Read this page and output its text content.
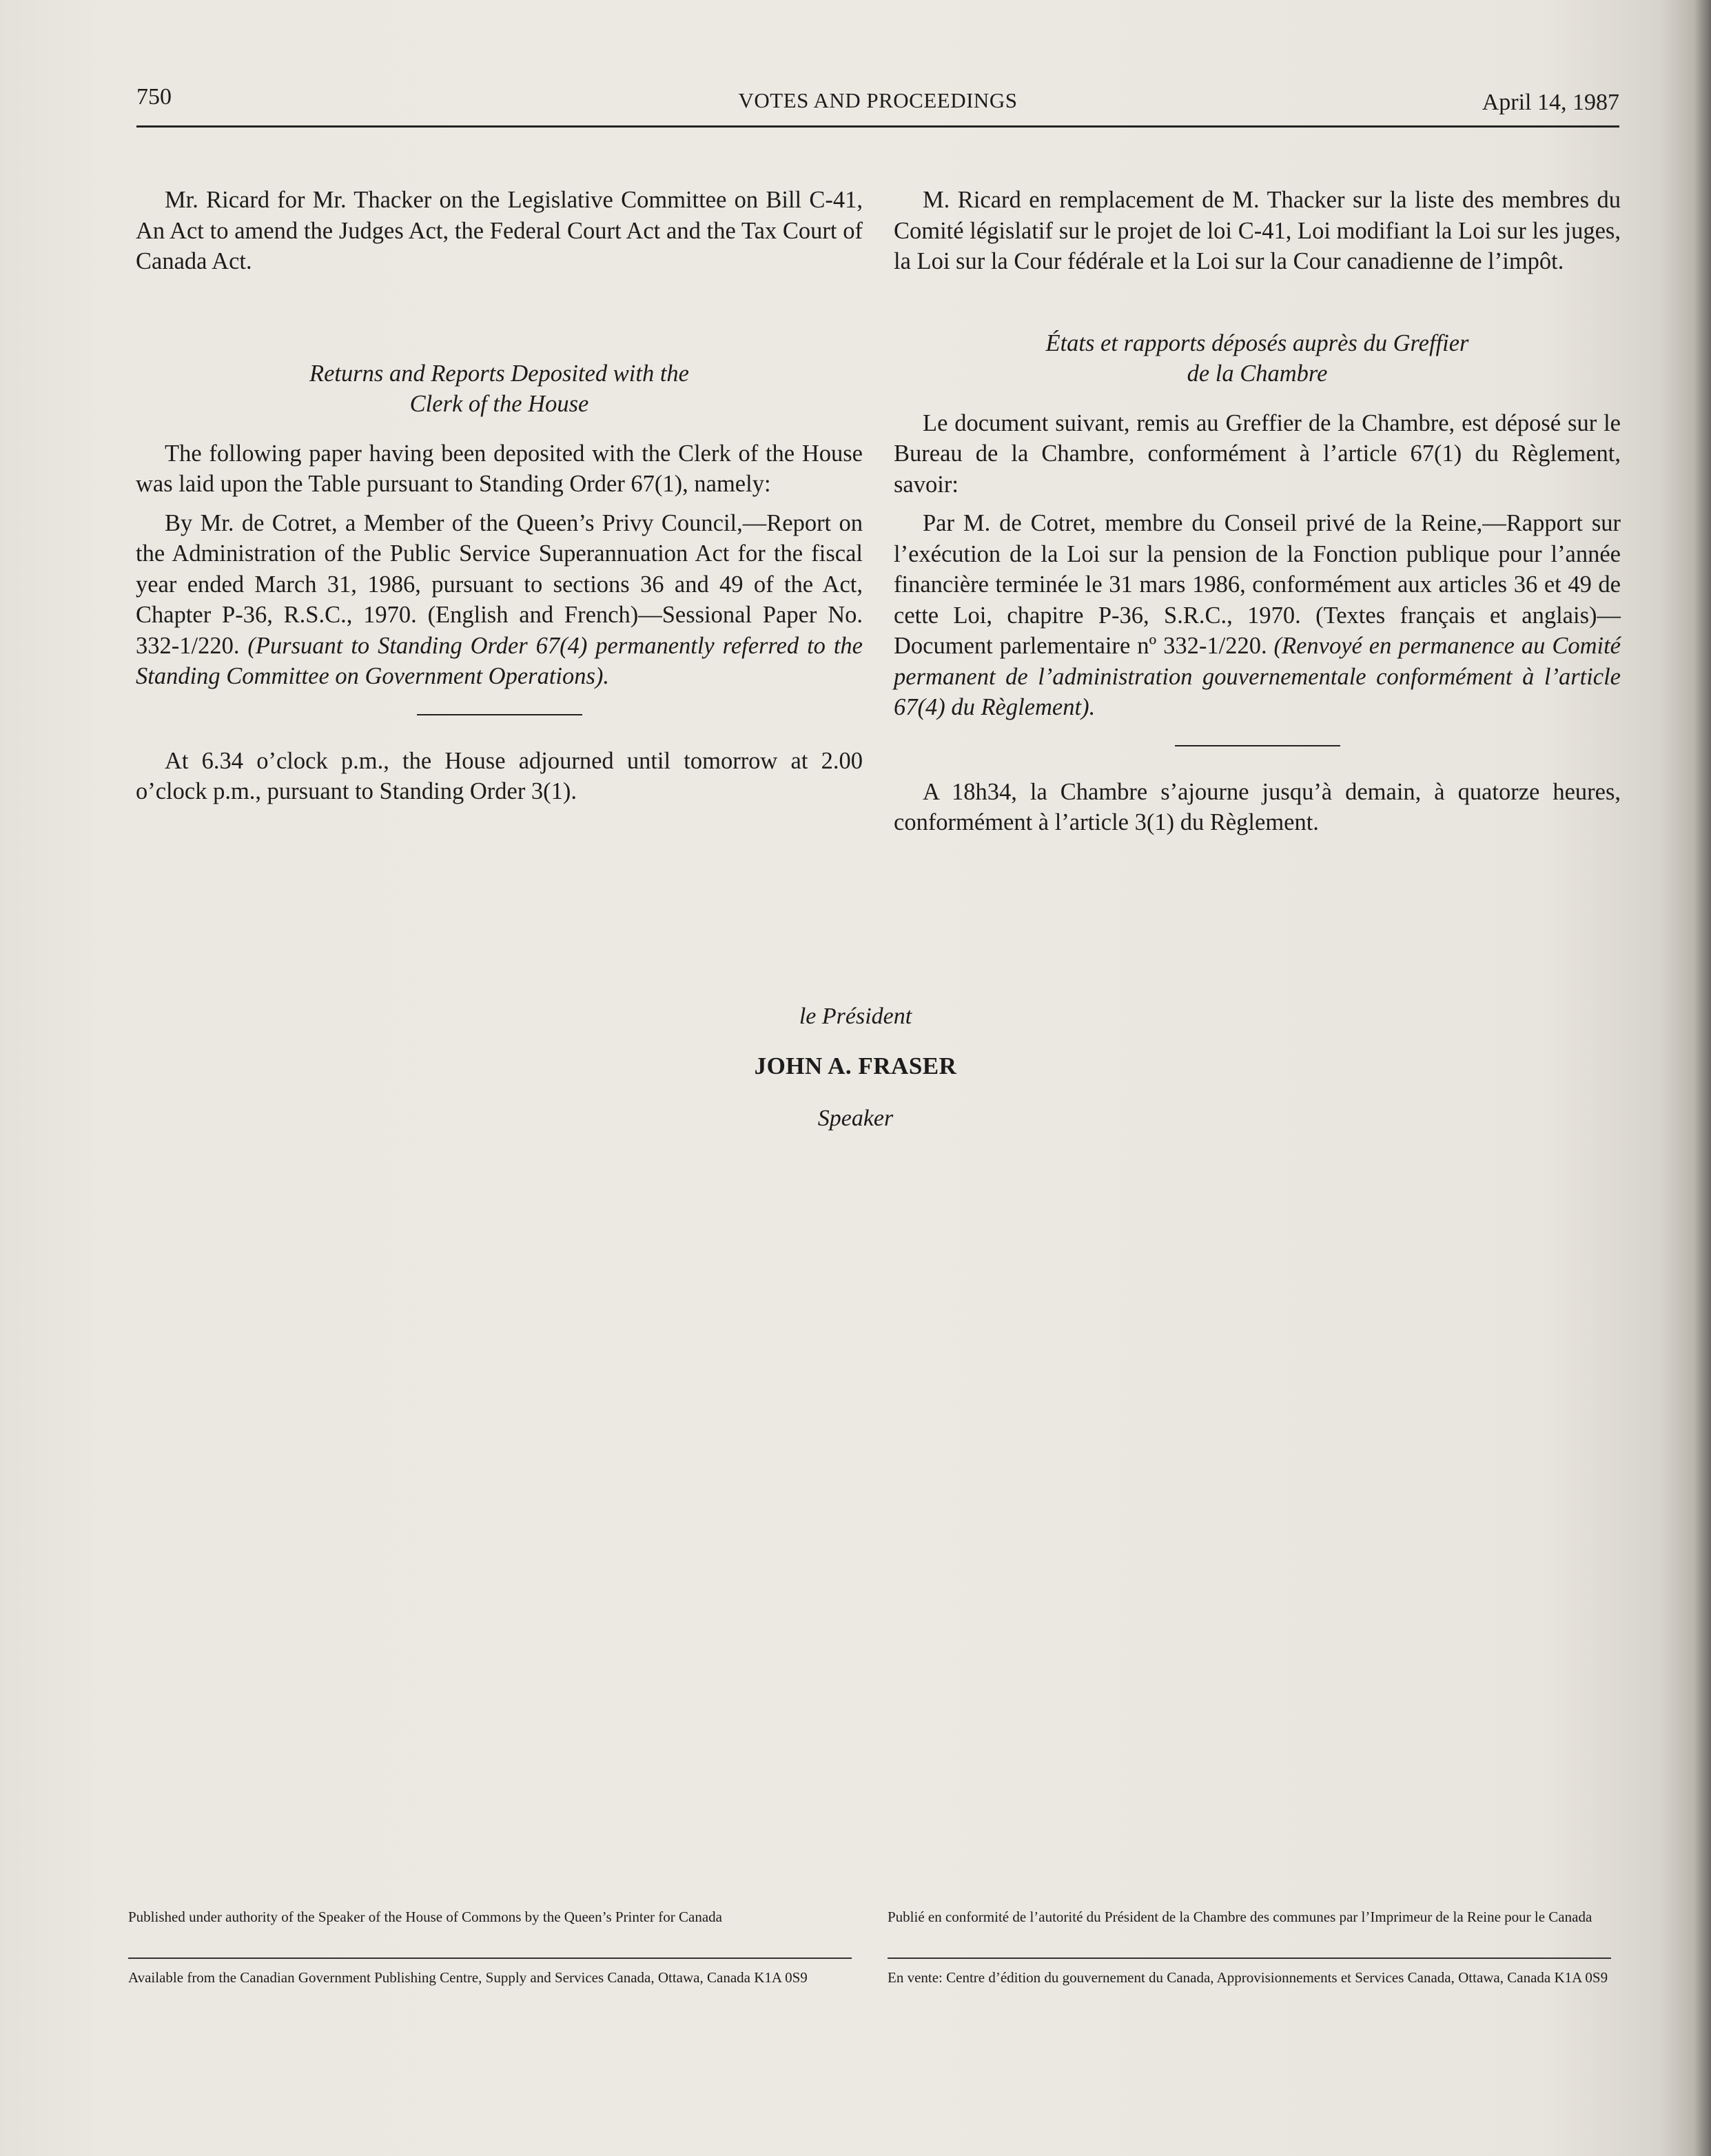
750	VOTES AND PROCEEDINGS	April 14, 1987

Mr. Ricard for Mr. Thacker on the Legislative Committee on Bill C-41, An Act to amend the Judges Act, the Federal Court Act and the Tax Court of Canada Act.

Returns and Reports Deposited with the
Clerk of the House

The following paper having been deposited with the Clerk of the House was laid upon the Table pursuant to Standing Order 67(1), namely:

By Mr. de Cotret, a Member of the Queen’s Privy Council,—Report on the Administration of the Public Service Superannuation Act for the fiscal year ended March 31, 1986, pursuant to sections 36 and 49 of the Act, Chapter P-36, R.S.C., 1970. (English and French)—Sessional Paper No. 332-1/220. (Pursuant to Standing Order 67(4) permanently referred to the Standing Committee on Government Operations).

At 6.34 o’clock p.m., the House adjourned until tomorrow at 2.00 o’clock p.m., pursuant to Standing Order 3(1).

M. Ricard en remplacement de M. Thacker sur la liste des membres du Comité législatif sur le projet de loi C-41, Loi modifiant la Loi sur les juges, la Loi sur la Cour fédérale et la Loi sur la Cour canadienne de l’impôt.

États et rapports déposés auprès du Greffier
de la Chambre

Le document suivant, remis au Greffier de la Chambre, est déposé sur le Bureau de la Chambre, conformément à l’article 67(1) du Règlement, savoir:

Par M. de Cotret, membre du Conseil privé de la Reine,—Rapport sur l’exécution de la Loi sur la pension de la Fonction publique pour l’année financière terminée le 31 mars 1986, conformément aux articles 36 et 49 de cette Loi, chapitre P-36, S.R.C., 1970. (Textes français et anglais)—Document parlementaire nº 332-1/220. (Renvoyé en permanence au Comité permanent de l’administration gouvernementale conformément à l’article 67(4) du Règlement).

A 18h34, la Chambre s’ajourne jusqu’à demain, à quatorze heures, conformément à l’article 3(1) du Règlement.

le Président
JOHN A. FRASER
Speaker
Published under authority of the Speaker of the House of Commons by the Queen’s Printer for Canada
Available from the Canadian Government Publishing Centre, Supply and Services Canada, Ottawa, Canada K1A 0S9
Publié en conformité de l’autorité du Président de la Chambre des communes par l’Imprimeur de la Reine pour le Canada
En vente: Centre d’édition du gouvernement du Canada, Approvisionnements et Services Canada, Ottawa, Canada K1A 0S9
